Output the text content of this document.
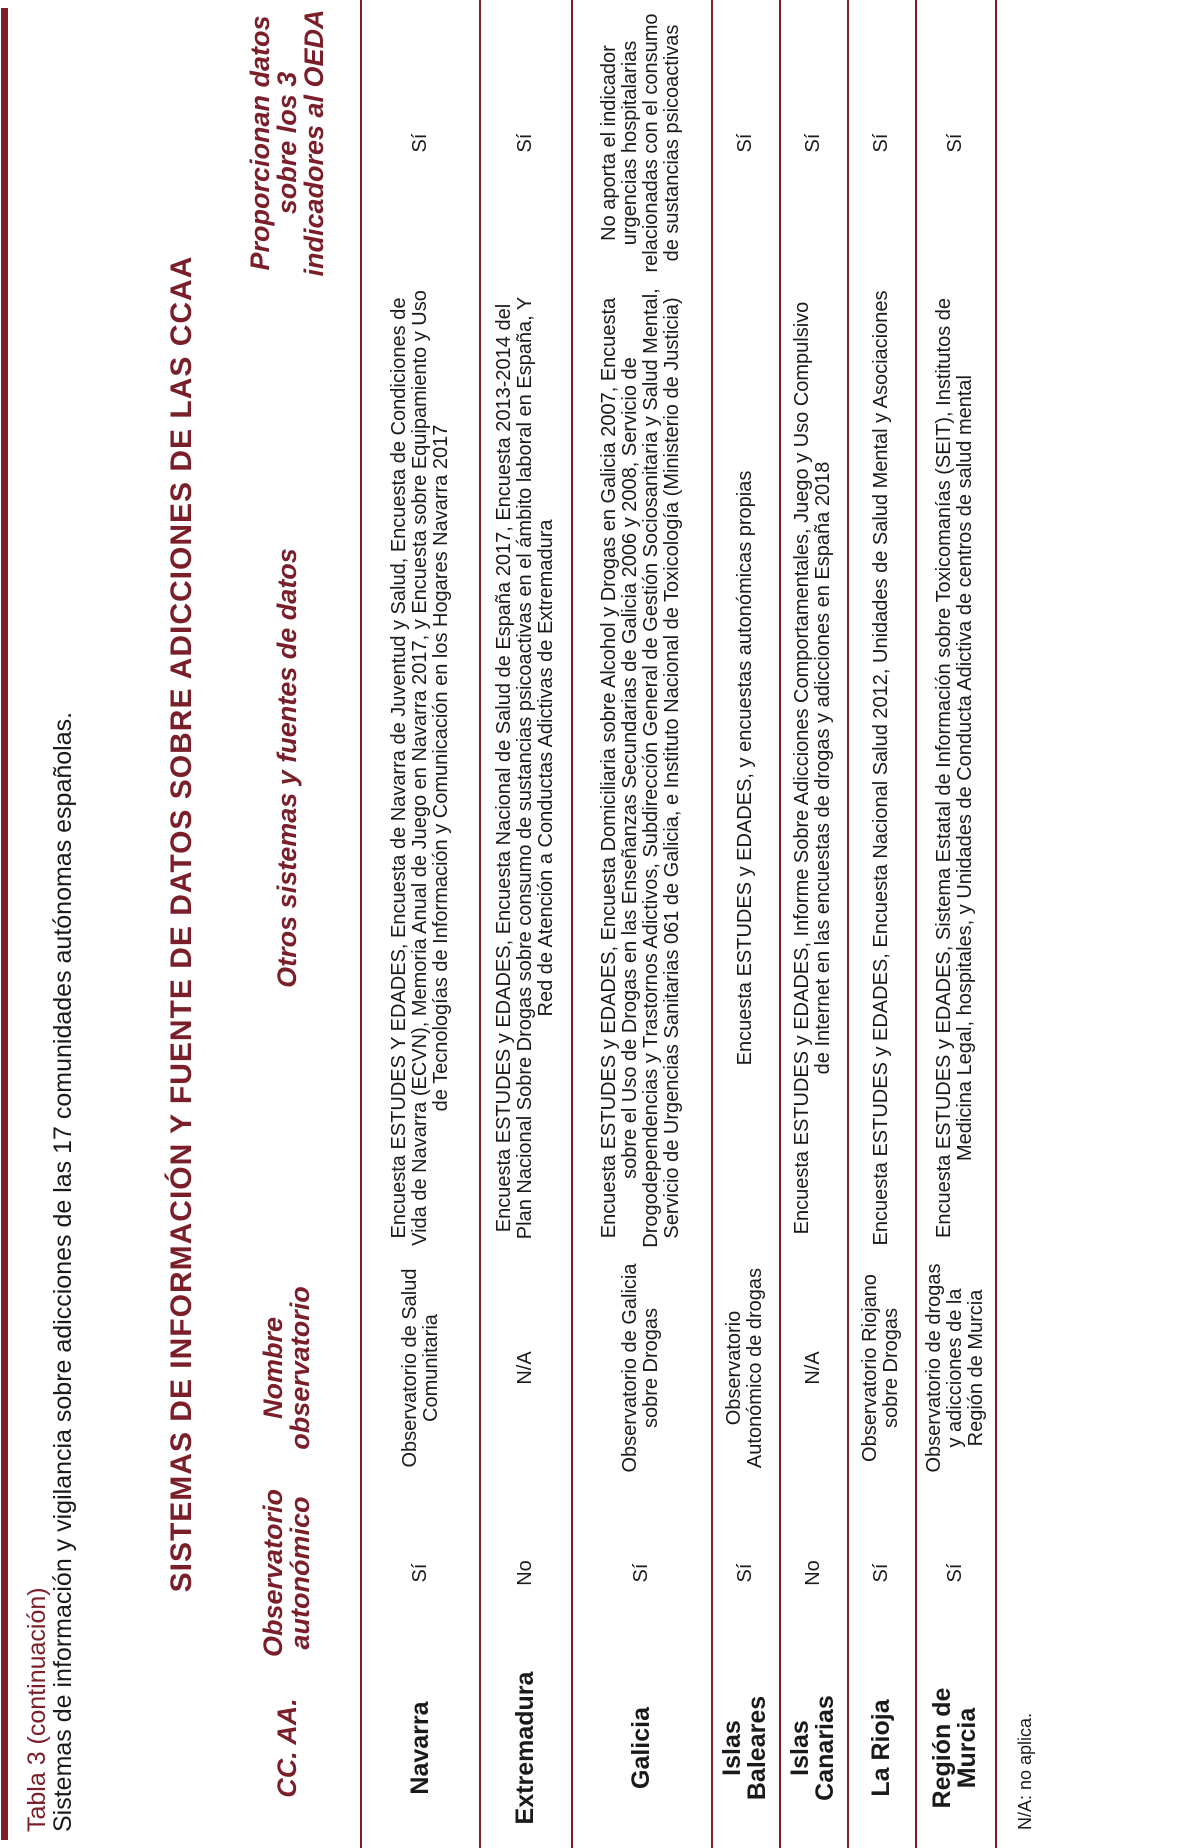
Tabla 3 (continuación)
Sistemas de información y vigilancia sobre adicciones de las 17 comunidades autónomas españolas.	SISTEMAS DE INFORMACIÓN Y FUENTE DE DATOS SOBRE ADICCIONES DE LAS CCAA
CC. AA.
Observatorio autonómico
Nombre observatorio
Otros sistemas y fuentes de datos
Proporcionan datos sobre los 3 indicadores al OEDA
Navarra
Sí
Observatorio de Salud Comunitaria
Encuesta ESTUDES Y EDADES, Encuesta de Navarra de Juventud y Salud, Encuesta de Condiciones de Vida de Navarra (ECVN), Memoria Anual de Juego en Navarra 2017, y Encuesta sobre Equipamiento y Uso de Tecnologías de Información y Comunicación en los Hogares Navarra 2017
Sí
Extremadura
No
N/A
Encuesta ESTUDES y EDADES, Encuesta Nacional de Salud de España 2017, Encuesta 2013-2014 del Plan Nacional Sobre Drogas sobre consumo de sustancias psicoactivas en el ámbito laboral en España, Y Red de Atención a Conductas Adictivas de Extremadura
Sí
Galicia
Sí
Observatorio de Galicia sobre Drogas
Encuesta ESTUDES y EDADES, Encuesta Domiciliaria sobre Alcohol y Drogas en Galicia 2007, Encuesta sobre el Uso de Drogas en las Enseñanzas Secundarias de Galicia 2006 y 2008, Servicio de Drogodependencias y Trastornos Adictivos, Subdirección General de Gestión Sociosanitaria y Salud Mental, Servicio de Urgencias Sanitarias 061 de Galicia, e Instituto Nacional de Toxicología (Ministerio de Justicia)
No aporta el indicador urgencias hospitalarias relacionadas con el consumo de sustancias psicoactivas
Islas Baleares
Sí
Observatorio Autonómico de drogas
Encuesta ESTUDES y EDADES, y encuestas autonómicas propias
Sí
Islas Canarias
No
N/A
Encuesta ESTUDES y EDADES, Informe Sobre Adicciones Comportamentales, Juego y Uso Compulsivo de Internet en las encuestas de drogas y adicciones en España 2018
Sí
La Rioja
Sí
Observatorio Riojano sobre Drogas
Encuesta ESTUDES y EDADES, Encuesta Nacional Salud 2012, Unidades de Salud Mental y Asociaciones
Sí
Región de Murcia
Sí
Observatorio de drogas y adicciones de la Región de Murcia
Encuesta ESTUDES y EDADES, Sistema Estatal de Información sobre Toxicomanías (SEIT), Institutos de Medicina Legal, hospitales, y Unidades de Conducta Adictiva de centros de salud mental
Sí
N/A: no aplica.
